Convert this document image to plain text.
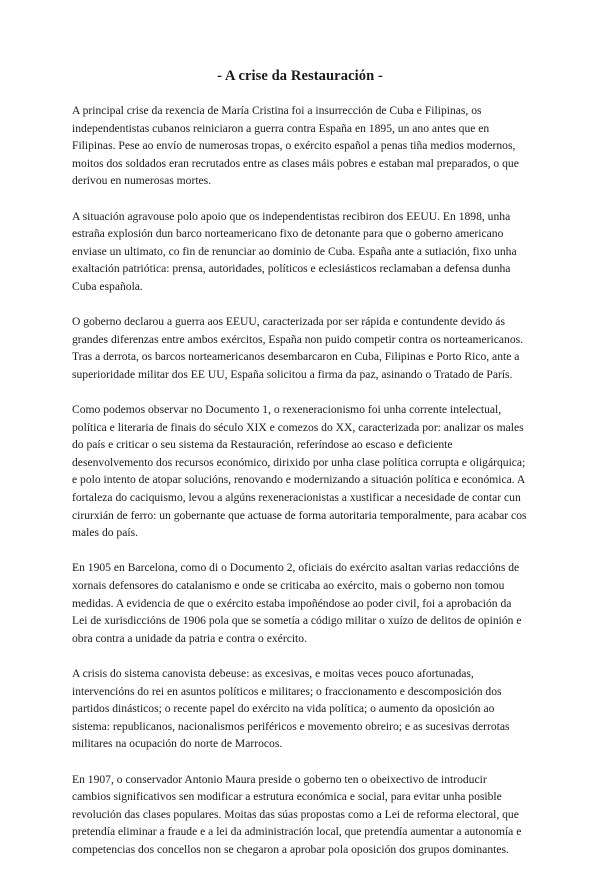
- A crise da Restauración -

A principal crise da rexencia de María Cristina foi a insurrección de Cuba e Filipinas, os independentistas cubanos reiniciaron a guerra contra España en 1895, un ano antes que en Filipinas. Pese ao envío de numerosas tropas, o exército español a penas tiña medios modernos, moitos dos soldados eran recrutados entre as clases máis pobres e estaban mal preparados, o que derivou en numerosas mortes.

A situación agravouse polo apoio que os independentistas recibiron dos EEUU. En 1898, unha estraña explosión dun barco norteamericano fixo de detonante para que o goberno americano enviase un ultimato, co fin de renunciar ao dominio de Cuba. España ante a sutiación, fixo unha exaltación patriótica: prensa, autoridades, políticos e eclesiásticos reclamaban a defensa dunha Cuba española.

O goberno declarou a guerra aos EEUU, caracterizada por ser rápida e contundente devido ás grandes diferenzas entre ambos exércitos, España non puido competir contra os norteamericanos. Tras a derrota, os barcos norteamericanos desembarcaron en Cuba, Filipinas e Porto Rico, ante a superioridade militar dos EE UU, España solicitou a firma da paz, asinando o Tratado de París.

Como podemos observar no Documento 1, o rexeneracionismo foi unha corrente intelectual, política e literaria de finais do século XIX e comezos do XX, caracterizada por: analizar os males do país e criticar o seu sistema da Restauración, referíndose ao escaso e deficiente desenvolvemento dos recursos económico, dirixido por unha clase política corrupta e oligárquica; e polo intento de atopar solucións, renovando e modernizando a situación política e económica. A fortaleza do caciquismo, levou a algúns rexeneracionistas a xustificar a necesidade de contar cun cirurxián de ferro: un gobernante que actuase de forma autoritaria temporalmente, para acabar cos males do país.

En 1905 en Barcelona, como di o Documento 2, oficiais do exército asaltan varias redaccións de xornais defensores do catalanismo e onde se criticaba ao exército, mais o goberno non tomou medidas. A evidencia de que o exército estaba impoñéndose ao poder civil, foi a aprobación da Lei de xurisdiccións de 1906 pola que se sometía a código militar o xuízo de delitos de opinión e obra contra a unidade da patria e contra o exército.

A crisis do sistema canovista debeuse: as excesivas, e moitas veces pouco afortunadas, intervencións do rei en asuntos políticos e militares; o fraccionamento e descomposición dos partidos dinásticos; o recente papel do exército na vida política; o aumento da oposición ao sistema: republicanos, nacionalismos periféricos e movemento obreiro; e as sucesivas derrotas militares na ocupación do norte de Marrocos.

En 1907, o conservador Antonio Maura preside o goberno ten o obeixectivo de introducir cambios significativos sen modificar a estrutura económica e social, para evitar unha posible revolución das clases populares. Moitas das súas propostas como a Lei de reforma electoral, que pretendía eliminar a fraude e a lei da administración local, que pretendía aumentar a autonomía e competencias dos concellos non se chegaron a aprobar pola oposición dos grupos dominantes.
